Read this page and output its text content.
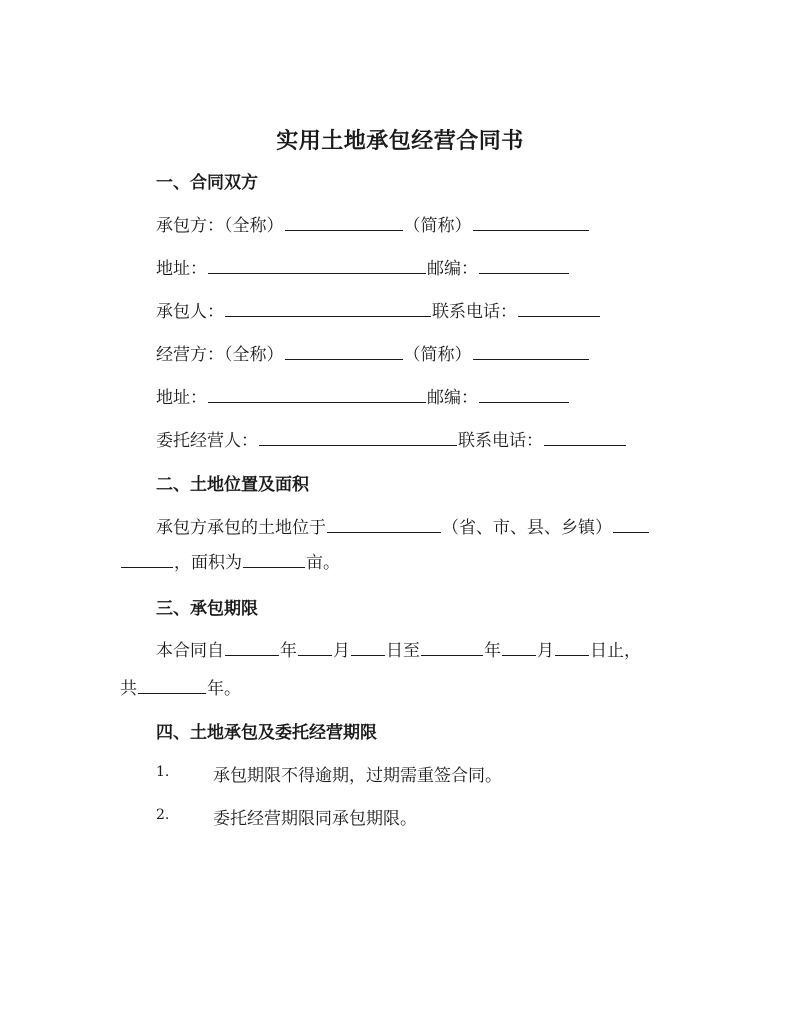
实用土地承包经营合同书
一、合同双方
承包方：（全称）	（简称）
地址：	邮编：
承包人：	联系电话：
经营方：（全称）	（简称）
地址：	邮编：
委托经营人：	联系电话：
二、土地位置及面积
承包方承包的土地位于	（省、市、县、乡镇）
，面积为	亩。
三、承包期限
本合同自	年 月 日至	年 月 日止，
共	年。
四、土地承包及委托经营期限
1.	承包期限不得逾期，过期需重签合同。
2.	委托经营期限同承包期限。
